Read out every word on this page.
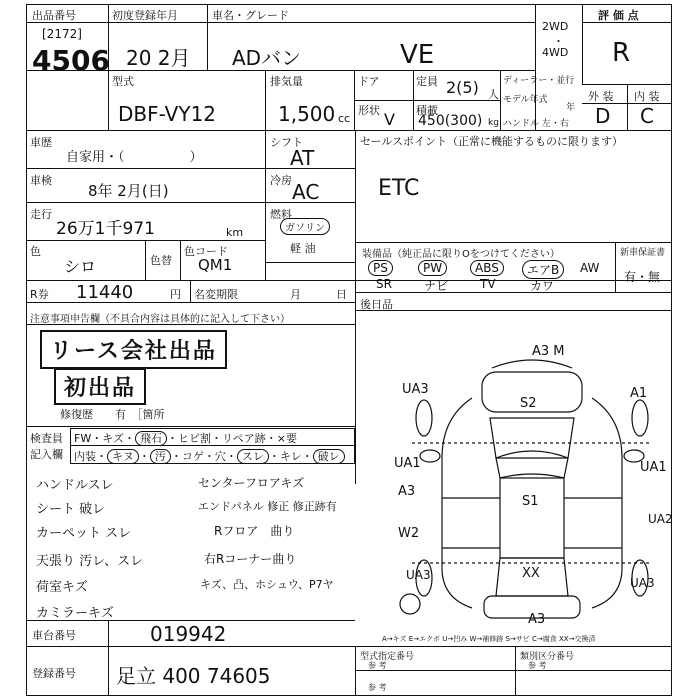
出品番号
[2172]
4506
初度登録年月
20 2月
車名・グレード
ADバン	VE
2WD
・
4WD
評 価 点
R
外 装 内 装
D C
型式
DBF-VY12
排気量
1,500 cc
ドア	定員 2(5) 人
形状 V 積載
450(300) kg
ディーラー・並行
モデル年式
年
ハンドル 左・右
車歴
自家用・（　　　　　）
シフト
AT
車検
8年 2月(日)
冷房 AC
走行
26万1千971	km
燃料
ガソリン
軽 油
色
シロ	色替
色コード
QM1
R券 11440	円 名変期限	月	日
セールスポイント（正常に機能するものに限ります）
ETC
装備品（純正品に限りOをつけてください）	新車保証書
有・無
PS	PW	ABS	エアB	AW
SR	ナビ	TV	カワ
後日品
注意事項申告欄（不具合内容は具体的に記入して下さい）
リース会社出品
初出品
修復歴　　有　［箇所
検査員
記入欄
FW・キズ・ 飛石 ・ヒビ割・リペア跡・×要
内装・ キヌ ・ 汚 ・コゲ・穴・ スレ ・キレ・ 破レ
ハンドルスレ
シート 破レ
カーペット スレ
天張り 汚レ、スレ
荷室キズ
カミラーキズ
センターフロアキズ
エンドパネル 修正 修正跡有
Rフロア　曲り
右Rコーナー曲り
キズ、凸、ホシュウ、P7ヤ
A3 M
UA3	A1
S2
UA1	UA1
A3
S1
UA2
W2
UA3	XX
UA3
A3
A→キズ E→エクボ U→凹み W→補修跡 S→サビ C→腐食 XX→交換済
車台番号	019942
登録番号 足立 400 74605
型式指定番号
参 考
類別区分番号
参 考
参 考
